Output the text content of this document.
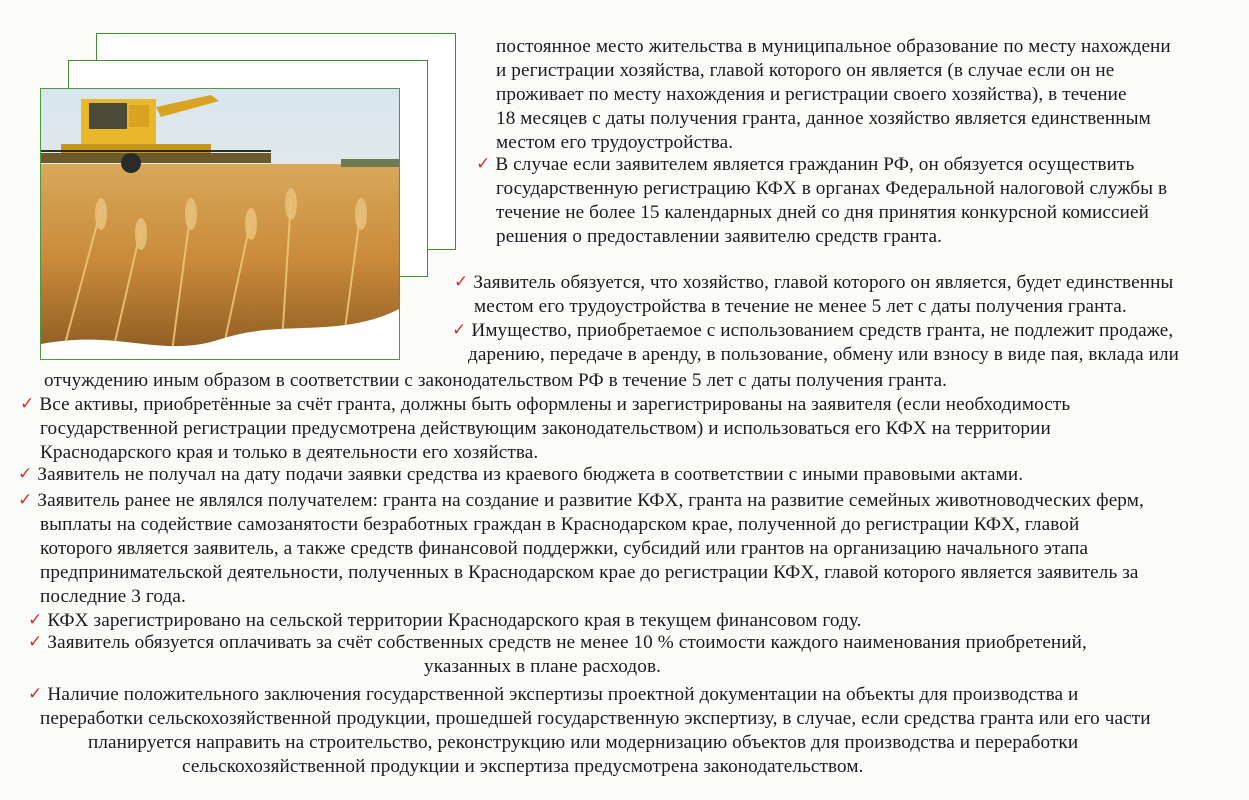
постоянное место жительства в муниципальное образование по месту нахождени
и регистрации хозяйства, главой которого он является (в случае если он не
проживает по месту нахождения и регистрации своего хозяйства), в течение
18 месяцев с даты получения гранта, данное хозяйство является единственным
местом его трудоустройства.
✓ В случае если заявителем является гражданин РФ, он обязуется осуществить
государственную регистрацию КФХ в органах Федеральной налоговой службы в
течение не более 15 календарных дней со дня принятия конкурсной комиссией
решения о предоставлении заявителю средств гранта.
✓ Заявитель обязуется, что хозяйство, главой которого он является, будет единственны
местом его трудоустройства в течение не менее 5 лет с даты получения гранта.
✓ Имущество, приобретаемое с использованием средств гранта, не подлежит продаже,
дарению, передаче в аренду, в пользование, обмену или взносу в виде пая, вклада или
отчуждению иным образом в соответствии с законодательством РФ в течение 5 лет с даты получения гранта.
✓ Все активы, приобретённые за счёт гранта, должны быть оформлены и зарегистрированы на заявителя (если необходимость
государственной регистрации предусмотрена действующим законодательством) и использоваться его КФХ на территории
Краснодарского края и только в деятельности его хозяйства.
✓ Заявитель не получал на дату подачи заявки средства из краевого бюджета в соответствии с иными правовыми актами.
✓ Заявитель ранее не являлся получателем: гранта на создание и развитие КФХ, гранта на развитие семейных животноводческих ферм,
выплаты на содействие самозанятости безработных граждан в Краснодарском крае, полученной до регистрации КФХ, главой
которого является заявитель, а также средств финансовой поддержки, субсидий или грантов на организацию начального этапа
предпринимательской деятельности, полученных в Краснодарском крае до регистрации КФХ, главой которого является заявитель за
последние 3 года.
✓ КФХ зарегистрировано на сельской территории Краснодарского края в текущем финансовом году.
✓ Заявитель обязуется оплачивать за счёт собственных средств не менее 10 % стоимости каждого наименования приобретений,
указанных в плане расходов.
✓ Наличие положительного заключения государственной экспертизы проектной документации на объекты для производства и
переработки сельскохозяйственной продукции, прошедшей государственную экспертизу, в случае, если средства гранта или его части
планируется направить на строительство, реконструкцию или модернизацию объектов для производства и переработки
сельскохозяйственной продукции и экспертиза предусмотрена законодательством.
